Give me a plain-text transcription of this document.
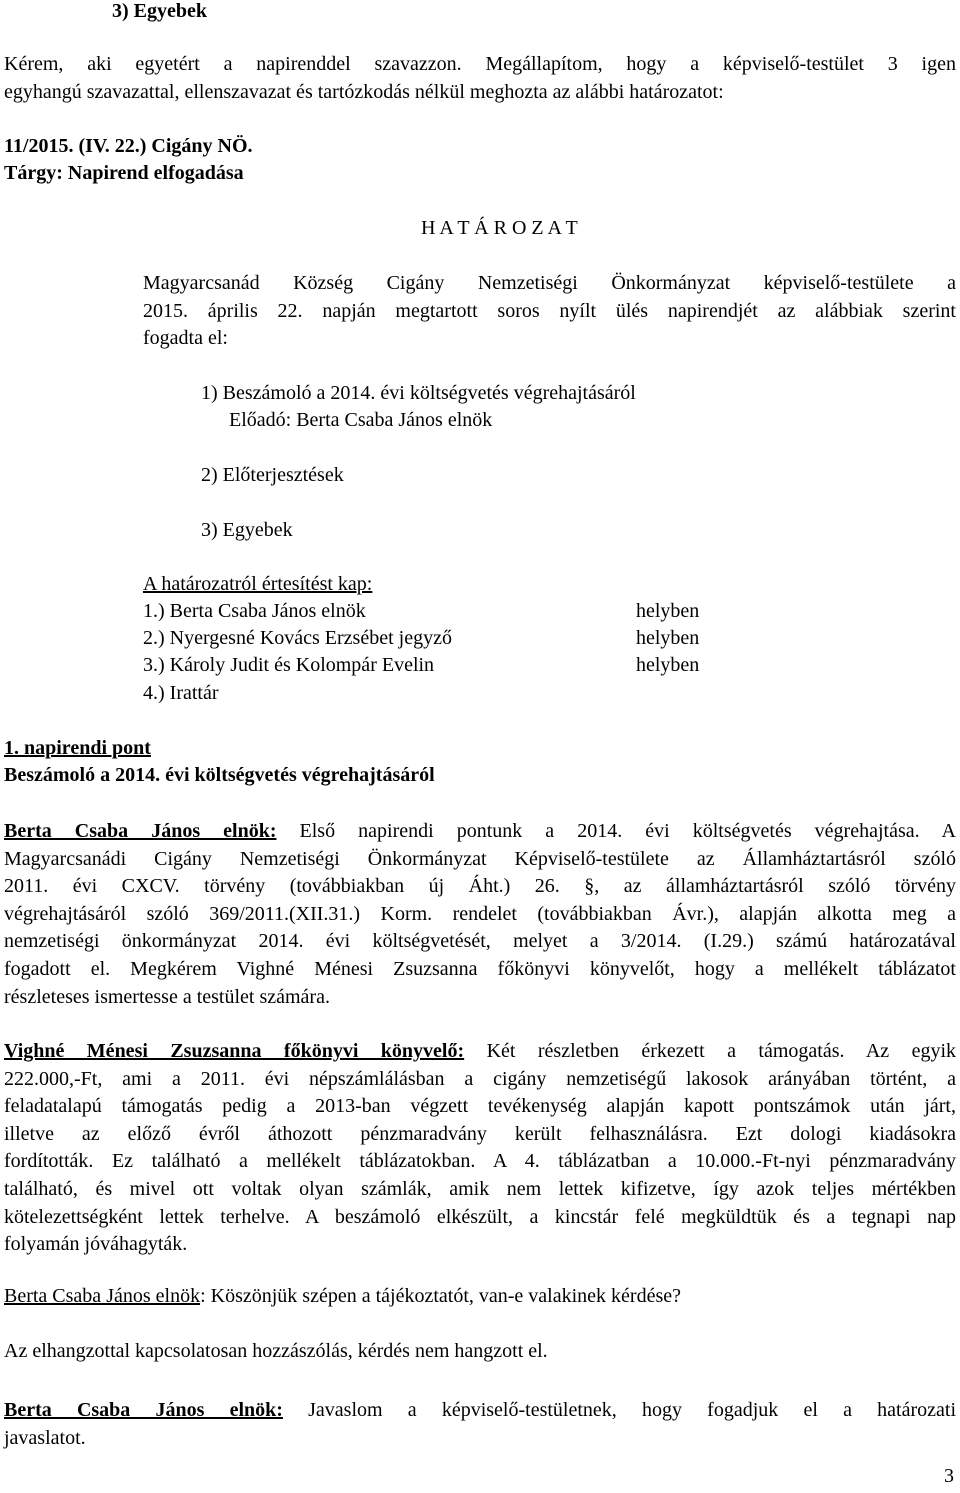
3) Egyebek

Kérem, aki egyetért a napirenddel szavazzon. Megállapítom, hogy a képviselő-testület 3 igen

egyhangú szavazattal, ellenszavazat és tartózkodás nélkül meghozta az alábbi határozatot:

11/2015. (IV. 22.) Cigány NÖ.
Tárgy: Napirend elfogadása
H A T Á R O Z A T

Magyarcsanád Község Cigány Nemzetiségi Önkormányzat képviselő-testülete a

2015. április 22. napján megtartott soros nyílt ülés napirendjét az alábbiak szerint

fogadta el:

1) Beszámoló a 2014. évi költségvetés végrehajtásáról
Előadó: Berta Csaba János elnök
2) Előterjesztések
3) Egyebek
A határozatról értesítést kap:
1.) Berta Csaba János elnök	helyben
2.) Nyergesné Kovács Erzsébet jegyző	helyben
3.) Károly Judit és Kolompár Evelin	helyben
4.) Irattár
1. napirendi pont
Beszámoló a 2014. évi költségvetés végrehajtásáról

Berta Csaba János elnök: Első napirendi pontunk a 2014. évi költségvetés végrehajtása. A

Magyarcsanádi Cigány Nemzetiségi Önkormányzat Képviselő-testülete az Államháztartásról szóló

2011. évi CXCV. törvény (továbbiakban új Áht.) 26. §, az államháztartásról szóló törvény

végrehajtásáról szóló 369/2011.(XII.31.) Korm. rendelet (továbbiakban Ávr.), alapján alkotta meg a

nemzetiségi önkormányzat 2014. évi költségvetését, melyet a 3/2014. (I.29.) számú határozatával

fogadott el. Megkérem Vighné Ménesi Zsuzsanna főkönyvi könyvelőt, hogy a mellékelt táblázatot

részleteses ismertesse a testület számára.

Vighné Ménesi Zsuzsanna főkönyvi könyvelő: Két részletben érkezett a támogatás. Az egyik

222.000,-Ft, ami a 2011. évi népszámlálásban a cigány nemzetiségű lakosok arányában történt, a

feladatalapú támogatás pedig a 2013-ban végzett tevékenység alapján kapott pontszámok után járt,

illetve az előző évről áthozott pénzmaradvány került felhasználásra. Ezt dologi kiadásokra

fordították. Ez található a mellékelt táblázatokban. A 4. táblázatban a 10.000.-Ft-nyi pénzmaradvány

található, és mivel ott voltak olyan számlák, amik nem lettek kifizetve, így azok teljes mértékben

kötelezettségként lettek terhelve. A beszámoló elkészült, a kincstár felé megküldtük és a tegnapi nap

folyamán jóváhagyták.

Berta Csaba János elnök: Köszönjük szépen a tájékoztatót, van-e valakinek kérdése?
Az elhangzottal kapcsolatosan hozzászólás, kérdés nem hangzott el.

Berta Csaba János elnök: Javaslom a képviselő-testületnek, hogy fogadjuk el a határozati

javaslatot.

3
